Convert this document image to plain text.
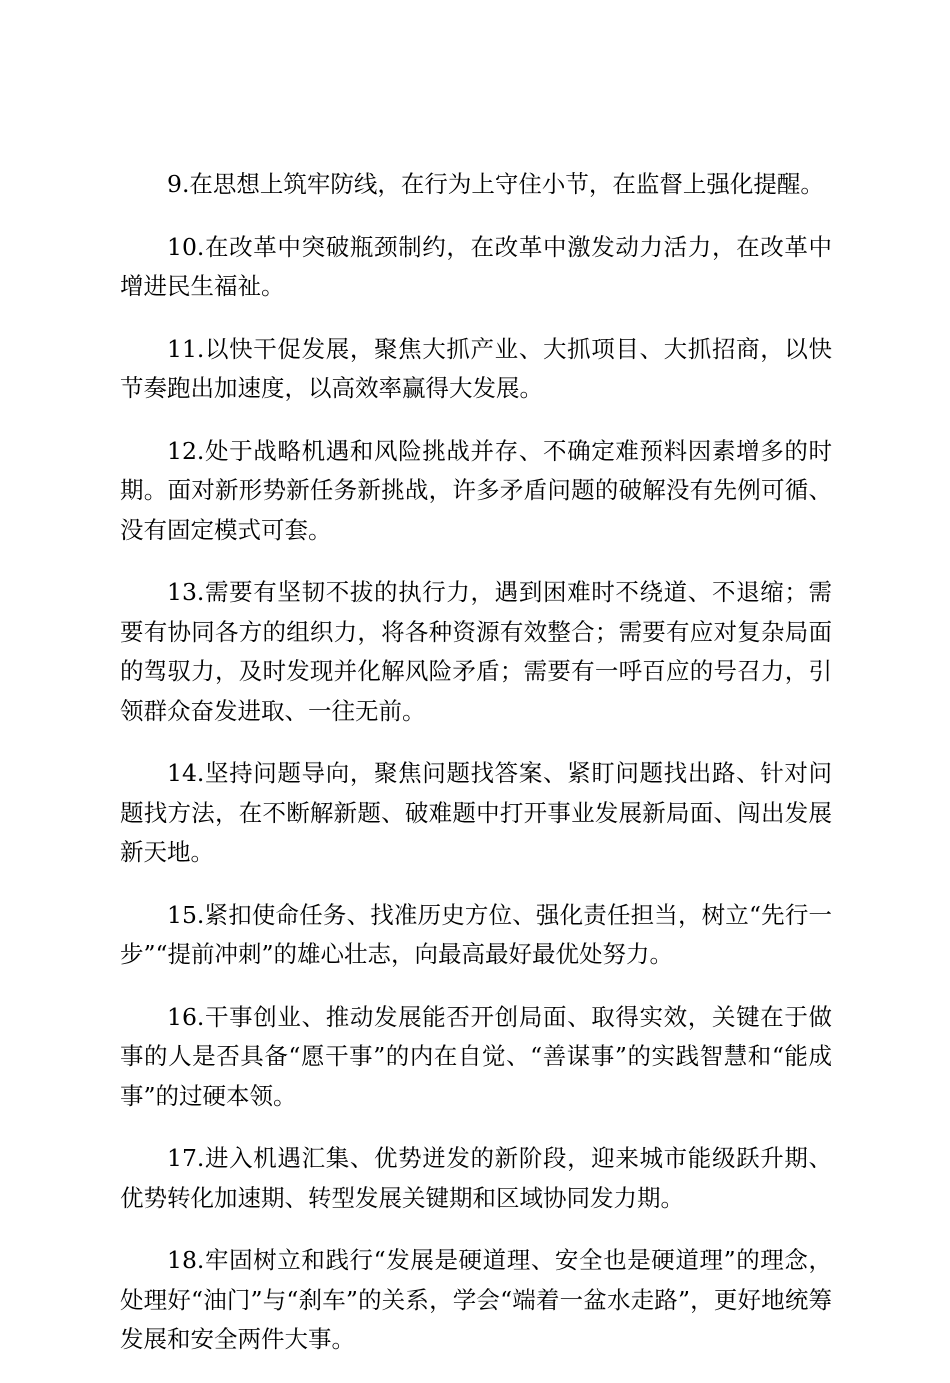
9.在思想上筑牢防线，在行为上守住小节，在监督上强化提醒。

10.在改革中突破瓶颈制约，在改革中激发动力活力，在改革中增进民生福祉。

11.以快干促发展，聚焦大抓产业、大抓项目、大抓招商，以快节奏跑出加速度，以高效率赢得大发展。

12.处于战略机遇和风险挑战并存、不确定难预料因素增多的时期。面对新形势新任务新挑战，许多矛盾问题的破解没有先例可循、没有固定模式可套。

13.需要有坚韧不拔的执行力，遇到困难时不绕道、不退缩；需要有协同各方的组织力，将各种资源有效整合；需要有应对复杂局面的驾驭力，及时发现并化解风险矛盾；需要有一呼百应的号召力，引领群众奋发进取、一往无前。

14.坚持问题导向，聚焦问题找答案、紧盯问题找出路、针对问题找方法，在不断解新题、破难题中打开事业发展新局面、闯出发展新天地。

15.紧扣使命任务、找准历史方位、强化责任担当，树立“先行一步”“提前冲刺”的雄心壮志，向最高最好最优处努力。

16.干事创业、推动发展能否开创局面、取得实效，关键在于做事的人是否具备“愿干事”的内在自觉、“善谋事”的实践智慧和“能成事”的过硬本领。

17.进入机遇汇集、优势迸发的新阶段，迎来城市能级跃升期、优势转化加速期、转型发展关键期和区域协同发力期。

18.牢固树立和践行“发展是硬道理、安全也是硬道理”的理念，处理好“油门”与“刹车”的关系，学会“端着一盆水走路”，更好地统筹发展和安全两件大事。
